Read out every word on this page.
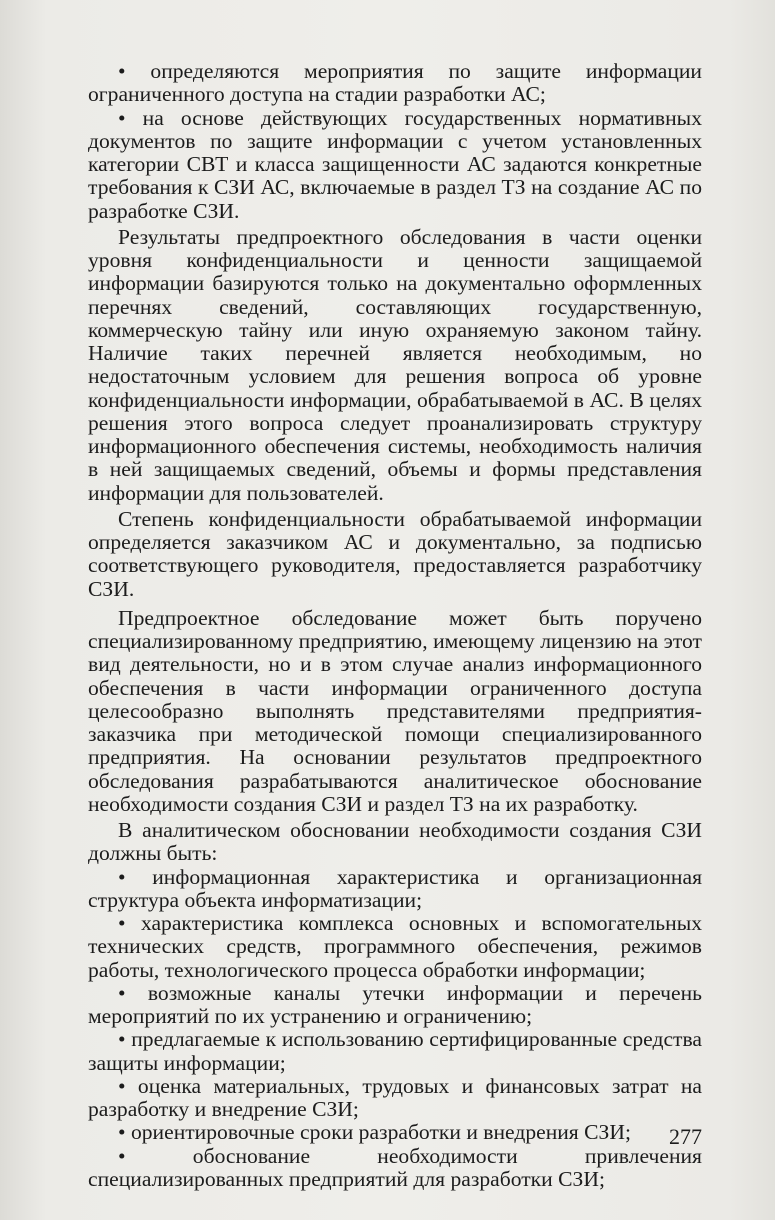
• определяются мероприятия по защите информации ограниченного доступа на стадии разработки АС;

• на основе действующих государственных нормативных документов по защите информации с учетом установленных категории СВТ и класса защищенности АС задаются конкретные требования к СЗИ АС, включаемые в раздел ТЗ на создание АС по разработке СЗИ.

Результаты предпроектного обследования в части оценки уровня конфиденциальности и ценности защищаемой информации базируются только на документально оформленных перечнях сведений, составляющих государственную, коммерческую тайну или иную охраняемую законом тайну. Наличие таких перечней является необходимым, но недостаточным условием для решения вопроса об уровне конфиденциальности информации, обрабатываемой в АС. В целях решения этого вопроса следует проанализировать структуру информационного обеспечения системы, необходимость наличия в ней защищаемых сведений, объемы и формы представления информации для пользователей.

Степень конфиденциальности обрабатываемой информации определяется заказчиком АС и документально, за подписью соответствующего руководителя, предоставляется разработчику СЗИ.

Предпроектное обследование может быть поручено специализированному предприятию, имеющему лицензию на этот вид деятельности, но и в этом случае анализ информационного обеспечения в части информации ограниченного доступа целесообразно выполнять представителями предприятия-заказчика при методической помощи специализированного предприятия. На основании результатов предпроектного обследования разрабатываются аналитическое обоснование необходимости создания СЗИ и раздел ТЗ на их разработку.

В аналитическом обосновании необходимости создания СЗИ должны быть:

• информационная характеристика и организационная структура объекта информатизации;

• характеристика комплекса основных и вспомогательных технических средств, программного обеспечения, режимов работы, технологического процесса обработки информации;

• возможные каналы утечки информации и перечень мероприятий по их устранению и ограничению;

• предлагаемые к использованию сертифицированные средства защиты информации;

• оценка материальных, трудовых и финансовых затрат на разработку и внедрение СЗИ;

• ориентировочные сроки разработки и внедрения СЗИ;

• обоснование необходимости привлечения специализированных предприятий для разработки СЗИ;

277
